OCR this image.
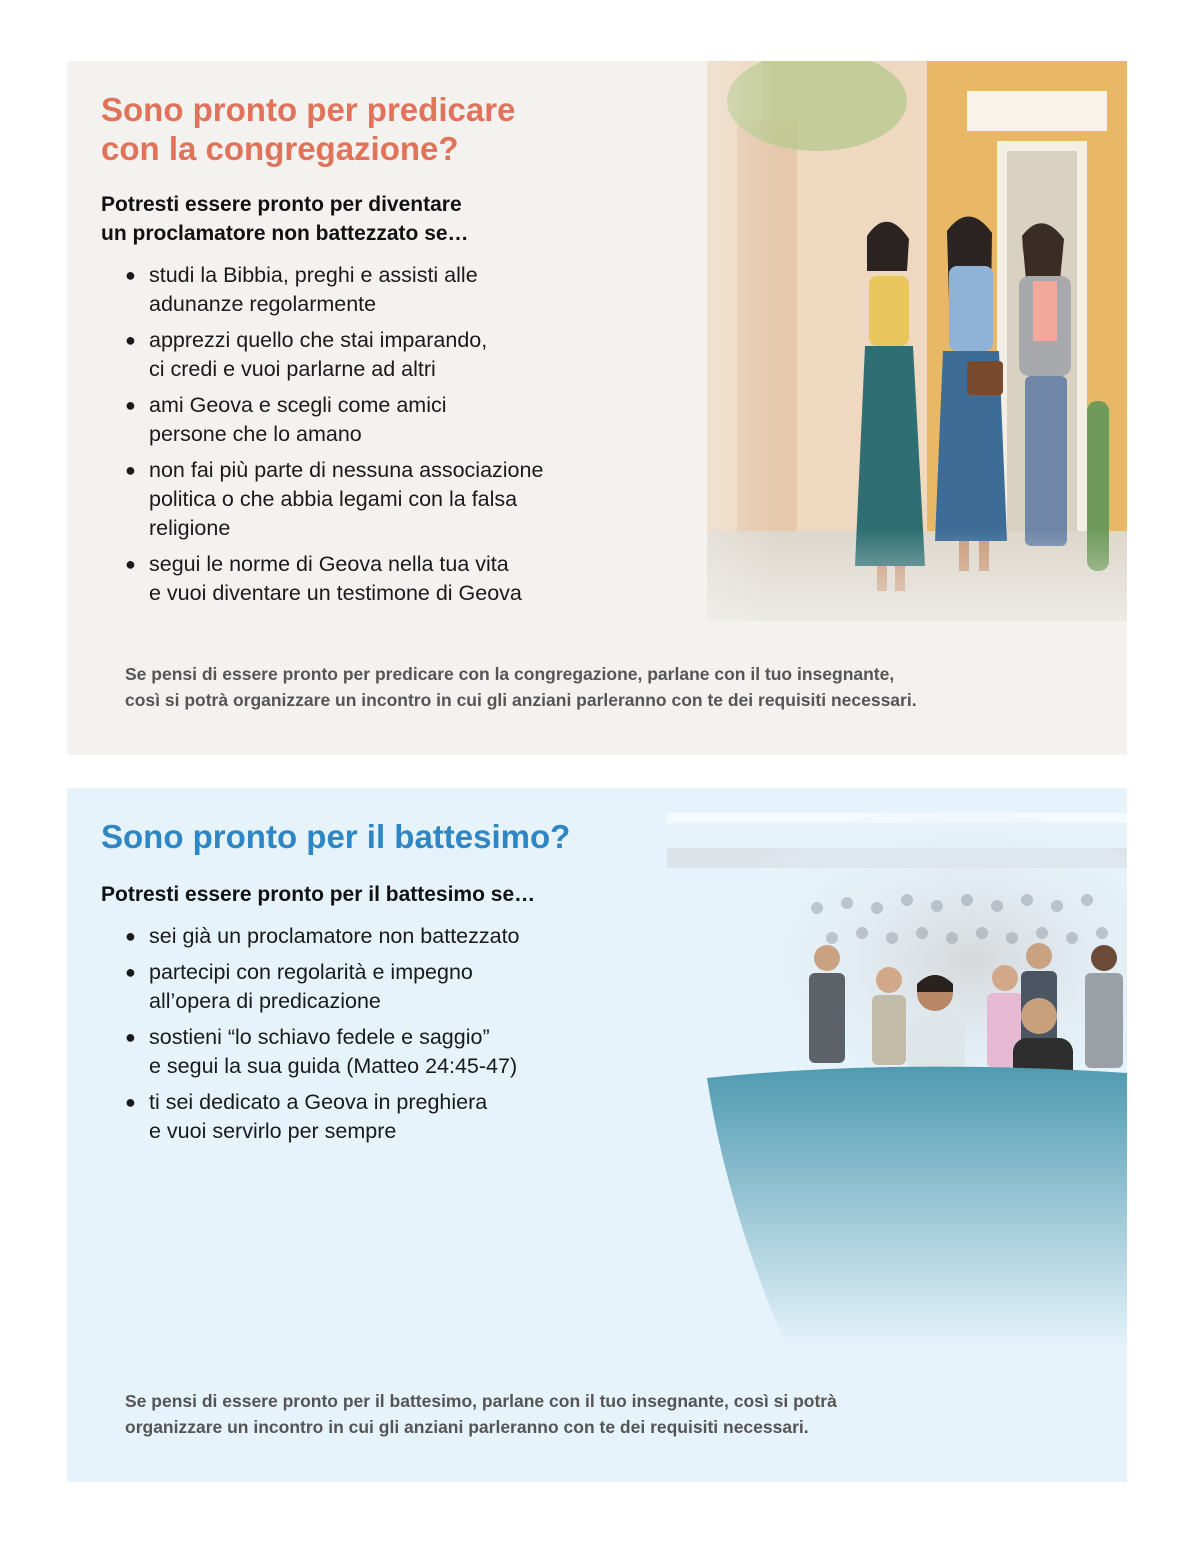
Sono pronto per predicare
con la congregazione?

Potresti essere pronto per diventare
un proclamatore non battezzato se…

● studi la Bibbia, preghi e assisti alle
adunanze regolarmente
● apprezzi quello che stai imparando,
ci credi e vuoi parlarne ad altri
● ami Geova e scegli come amici
persone che lo amano
● non fai più parte di nessuna associazione
politica o che abbia legami con la falsa
religione
● segui le norme di Geova nella tua vita
e vuoi diventare un testimone di Geova

Se pensi di essere pronto per predicare con la congregazione, parlane con il tuo insegnante,
così si potrà organizzare un incontro in cui gli anziani parleranno con te dei requisiti necessari.

Sono pronto per il battesimo?

Potresti essere pronto per il battesimo se…

● sei già un proclamatore non battezzato
● partecipi con regolarità e impegno
all’opera di predicazione
● sostieni “lo schiavo fedele e saggio”
e segui la sua guida (Matteo 24:45-47)
● ti sei dedicato a Geova in preghiera
e vuoi servirlo per sempre

Se pensi di essere pronto per il battesimo, parlane con il tuo insegnante, così si potrà
organizzare un incontro in cui gli anziani parleranno con te dei requisiti necessari.
